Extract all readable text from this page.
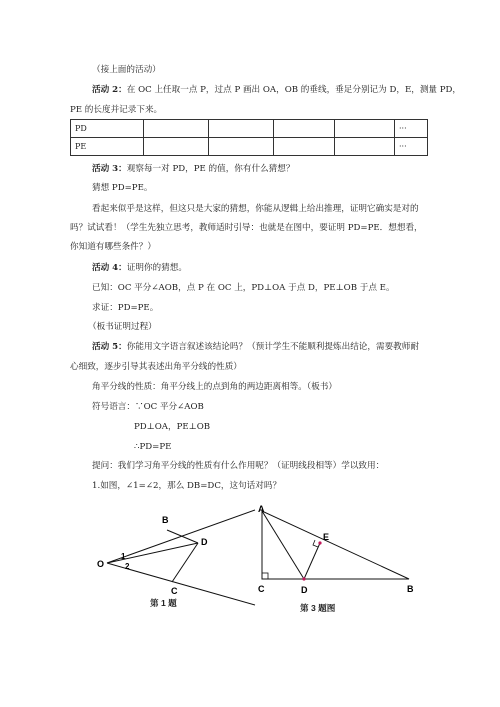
（接上面的活动）
活动 2：在 OC 上任取一点 P，过点 P 画出 OA，OB 的垂线，垂足分别记为 D，E，测量 PD，
PE 的长度并记录下来。
PD					···
PE					···
活动 3：观察每一对 PD，PE 的值，你有什么猜想？
猜想 PD=PE。
看起来似乎是这样，但这只是大家的猜想，你能从逻辑上给出推理，证明它确实是对的
吗？试试看！（学生先独立思考，教师适时引导：也就是在图中，要证明 PD=PE．想想看，
你知道有哪些条件？）
活动 4：证明你的猜想。
已知：OC 平分∠AOB，点 P 在 OC 上，PD⊥OA 于点 D，PE⊥OB 于点 E。
求证：PD=PE。
（板书证明过程）
活动 5：你能用文字语言叙述该结论吗？（预计学生不能顺利提炼出结论，需要教师耐
心细致，逐步引导其表述出角平分线的性质）
角平分线的性质：角平分线上的点到角的两边距离相等。（板书）
符号语言：∵OC 平分∠AOB
PD⊥OA，PE⊥OB
∴PD=PE
提问：我们学习角平分线的性质有什么作用呢？（证明线段相等）学以致用：
1.如图，∠1=∠2，那么 DB=DC，这句话对吗？
B
D
O
C
1
2
第 1 题
A
E
C	D	B
第 3 题图
